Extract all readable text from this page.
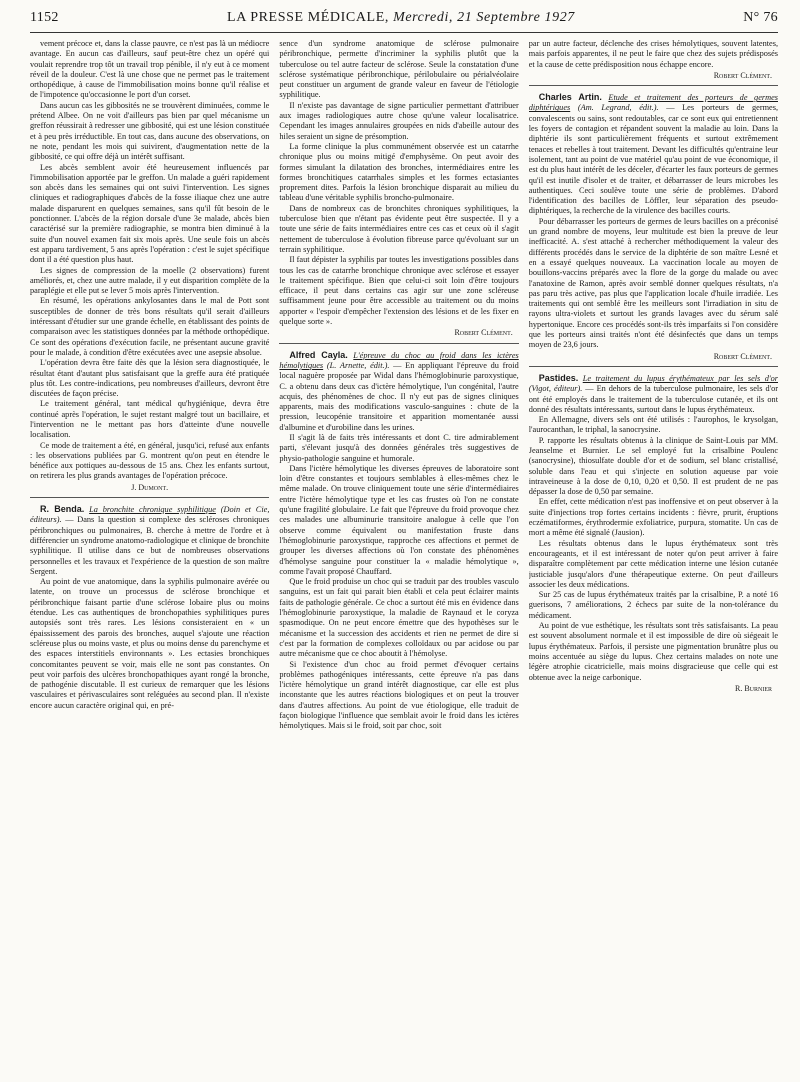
1152	LA PRESSE MÉDICALE, Mercredi, 21 Septembre 1927	N° 76

vement précoce et, dans la classe pauvre, ce n'est pas là un médiocre avantage. En aucun cas d'ailleurs, sauf peut-être chez un opéré qui voulait reprendre trop tôt un travail trop pénible, il n'y eut à ce moment réveil de la douleur. C'est là une chose que ne permet pas le traitement orthopédique, à cause de l'immobilisation moins bonne qu'il réalise et de l'impotence qu'occasionne le port d'un corset.

Dans aucun cas les gibbosités ne se trouvèrent diminuées, comme le prétend Albee. On ne voit d'ailleurs pas bien par quel mécanisme un greffon réussirait à redresser une gibbosité, qui est une lésion constituée et à peu près irréductible. En tout cas, dans aucune des observations, on ne note, pendant les mois qui suivirent, d'augmentation nette de la gibbosité, ce qui offre déjà un intérêt suffisant.

Les abcès semblent avoir été heureusement influencés par l'immobilisation apportée par le greffon. Un malade a guéri rapidement son abcès dans les semaines qui ont suivi l'intervention. Les signes cliniques et radiographiques d'abcès de la fosse iliaque chez une autre malade disparurent en quelques semaines, sans qu'il fût besoin de le ponctionner. L'abcès de la région dorsale d'une 3e malade, abcès bien caractérisé sur la première radiographie, se montra bien diminué à la suite d'un nouvel examen fait six mois après. Une seule fois un abcès est apparu tardivement, 5 ans après l'opération : c'est le sujet spécifique dont il a été question plus haut.

Les signes de compression de la moelle (2 observations) furent améliorés, et, chez une autre malade, il y eut disparition complète de la paraplégie et elle put se lever 5 mois après l'intervention.

En résumé, les opérations ankylosantes dans le mal de Pott sont susceptibles de donner de très bons résultats qu'il serait d'ailleurs intéressant d'étudier sur une grande échelle, en établissant des points de comparaison avec les statistiques données par la méthode orthopédique. Ce sont des opérations d'exécution facile, ne présentant aucune gravité pour le malade, à condition d'être exécutées avec une asepsie absolue.

L'opération devra être faite dès que la lésion sera diagnostiquée, le résultat étant d'autant plus satisfaisant que la greffe aura été pratiquée plus tôt. Les contre-indications, peu nombreuses d'ailleurs, devront être discutées de façon précise.

Le traitement général, tant médical qu'hygiénique, devra être continué après l'opération, le sujet restant malgré tout un bacillaire, et l'intervention ne le mettant pas hors d'atteinte d'une nouvelle localisation.

Ce mode de traitement a été, en général, jusqu'ici, refusé aux enfants : les observations publiées par G. montrent qu'on peut en étendre le bénéfice aux pottiques au-dessous de 15 ans. Chez les enfants surtout, on retirera les plus grands avantages de l'opération précoce.

J. Dumont.

R. Benda. La bronchite chronique syphilitique (Doin et Cie, éditeurs). — Dans la question si complexe des scléroses chroniques péribronchiques ou pulmonaires, B. cherche à mettre de l'ordre et à différencier un syndrome anatomo-radiologique et clinique de bronchite syphilitique. Il utilise dans ce but de nombreuses observations personnelles et les travaux et l'expérience de la question de son maître Sergent.

Au point de vue anatomique, dans la syphilis pulmonaire avérée ou latente, on trouve un processus de sclérose bronchique et péribronchique faisant partie d'une sclérose lobaire plus ou moins étendue. Les cas authentiques de bronchopathies syphilitiques pures autopsiés sont très rares. Les lésions consisteraient en « un épaississement des parois des bronches, auquel s'ajoute une réaction scléreuse plus ou moins vaste, et plus ou moins dense du parenchyme et des espaces interstitiels environnants ». Les ectasies bronchiques concomitantes peuvent se voir, mais elle ne sont pas constantes. On peut voir parfois des ulcères bronchopathiques ayant rongé la bronche, de pathogénie discutable. Il est curieux de remarquer que les lésions vasculaires et périvasculaires sont reléguées au second plan. Il n'existe encore aucun caractère original qui, en pré-

sence d'un syndrome anatomique de sclérose pulmonaire péribronchique, permette d'incriminer la syphilis plutôt que la tuberculose ou tel autre facteur de sclérose. Seule la constatation d'une sclérose systématique péribronchique, périlobulaire ou périalvéolaire peut constituer un argument de grande valeur en faveur de l'étiologie syphilitique.

Il n'existe pas davantage de signe particulier permettant d'attribuer aux images radiologiques autre chose qu'une valeur localisatrice. Cependant les images annulaires groupées en nids d'abeille autour des hiles seraient un signe de présomption.

La forme clinique la plus communément observée est un catarrhe chronique plus ou moins mitigé d'emphysème. On peut avoir des formes simulant la dilatation des bronches, intermédiaires entre les formes bronchitiques catarrhales simples et les formes ectasiantes proprement dites. Parfois la lésion bronchique disparait au milieu du tableau d'une véritable syphilis broncho-pulmonaire.

Dans de nombreux cas de bronchites chroniques syphilitiques, la tuberculose bien que n'étant pas évidente peut être suspectée. Il y a toute une série de faits intermédiaires entre ces cas et ceux où il s'agit nettement de tuberculose à évolution fibreuse parce qu'évoluant sur un terrain syphilitique.

Il faut dépister la syphilis par toutes les investigations possibles dans tous les cas de catarrhe bronchique chronique avec sclérose et essayer le traitement spécifique. Bien que celui-ci soit loin d'être toujours efficace, il peut dans certains cas agir sur une zone scléreuse suffisamment jeune pour être accessible au traitement ou du moins apporter « l'espoir d'empêcher l'extension des lésions et de les fixer en quelque sorte ».

Robert Clément.

Alfred Cayla. L'épreuve du choc au froid dans les ictères hémolytiques (L. Arnette, édit.). — En appliquant l'épreuve du froid local naguère proposée par Widal dans l'hémoglobinurie paroxystique, C. a obtenu dans deux cas d'ictère hémolytique, l'un congénital, l'autre acquis, des phénomènes de choc. Il n'y eut pas de signes cliniques apparents, mais des modifications vasculo-sanguines : chute de la pression, leucopénie transitoire et apparition momentanée aussi d'albumine et d'urobiline dans les urines.

Il s'agit là de faits très intéressants et dont C. tire admirablement parti, s'élevant jusqu'à des données générales très suggestives de physio-pathologie sanguine et humorale.

Dans l'ictère hémolytique les diverses épreuves de laboratoire sont loin d'être constantes et toujours semblables à elles-mêmes chez le même malade. On trouve cliniquement toute une série d'intermédiaires entre l'ictère hémolytique type et les cas frustes où l'on ne constate qu'une fragilité globulaire. Le fait que l'épreuve du froid provoque chez ces malades une albuminurie transitoire analogue à celle que l'on observe comme équivalent ou manifestation fruste dans l'hémoglobinurie paroxystique, rapproche ces affections et permet de grouper les diverses affections où l'on constate des phénomènes d'hémolyse sanguine pour constituer la « maladie hémolytique », comme l'avait proposé Chauffard.

Que le froid produise un choc qui se traduit par des troubles vasculo sanguins, est un fait qui parait bien établi et cela peut éclairer maints faits de pathologie générale. Ce choc a surtout été mis en évidence dans l'hémoglobinurie paroxystique, la maladie de Raynaud et le coryza spasmodique. On ne peut encore émettre que des hypothèses sur le mécanisme et la succession des accidents et rien ne permet de dire si c'est par la formation de complexes colloïdaux ou par acidose ou par autre mécanisme que ce choc aboutit à l'hémolyse.

Si l'existence d'un choc au froid permet d'évoquer certains problèmes pathogéniques intéressants, cette épreuve n'a pas dans l'ictère hémolytique un grand intérêt diagnostique, car elle est plus inconstante que les autres réactions biologiques et on peut la trouver dans d'autres affections. Au point de vue étiologique, elle traduit de façon biologique l'influence que semblait avoir le froid dans les ictères hémolytiques. Mais si le froid, soit par choc, soit

par un autre facteur, déclenche des crises hémolytiques, souvent latentes, mais parfois apparentes, il ne peut le faire que chez des sujets prédisposés et la cause de cette prédisposition nous échappe encore.

Robert Clément.

Charles Artin. Etude et traitement des porteurs de germes diphtériques (Am. Legrand, édit.). — Les porteurs de germes, convalescents ou sains, sont redoutables, car ce sont eux qui entretiennent les foyers de contagion et répandent souvent la maladie au loin. Dans la diphtérie ils sont particulièrement fréquents et surtout extrêmement tenaces et rebelles à tout traitement. Devant les difficultés qu'entraine leur isolement, tant au point de vue matériel qu'au point de vue économique, il est du plus haut intérêt de les déceler, d'écarter les faux porteurs de germes qu'il est inutile d'isoler et de traiter, et débarrasser de leurs microbes les authentiques. Ceci soulève toute une série de problèmes. D'abord l'identification des bacilles de Löffler, leur séparation des pseudo-diphtériques, la recherche de la virulence des bacilles courts.

Pour débarrasser les porteurs de germes de leurs bacilles on a préconisé un grand nombre de moyens, leur multitude est bien la preuve de leur inefficacité. A. s'est attaché à rechercher méthodiquement la valeur des différents procédés dans le service de la diphtérie de son maître Lesné et en a essayé quelques nouveaux. La vaccination locale au moyen de bouillons-vaccins préparés avec la flore de la gorge du malade ou avec l'anatoxine de Ramon, après avoir semblé donner quelques résultats, n'a pas paru très active, pas plus que l'application locale d'huile irradiée. Les traitements qui ont semblé être les meilleurs sont l'irradiation in situ de rayons ultra-violets et surtout les grands lavages avec du sérum salé hypertonique. Encore ces procédés sont-ils très imparfaits si l'on considère que les porteurs ainsi traités n'ont été désinfectés que dans un temps moyen de 23,6 jours.

Robert Clément.

Pastides. Le traitement du lupus érythémateux par les sels d'or (Vigot, éditeur). — En dehors de la tuberculose pulmonaire, les sels d'or ont été employés dans le traitement de la tuberculose cutanée, et ils ont donné des résultats intéressants, surtout dans le lupus érythémateux.

En Allemagne, divers sels ont été utilisés : l'aurophos, le krysolgan, l'aurocanthan, le triphal, la sanocrysine.

P. rapporte les résultats obtenus à la clinique de Saint-Louis par MM. Jeanselme et Burnier. Le sel employé fut la crisalbine Poulenc (sanocrysine), thiosulfate double d'or et de sodium, sel blanc cristallisé, soluble dans l'eau et qui s'injecte en solution aqueuse par voie intraveineuse à la dose de 0,10, 0,20 et 0,50. Il est prudent de ne pas dépasser la dose de 0,50 par semaine.

En effet, cette médication n'est pas inoffensive et on peut observer à la suite d'injections trop fortes certains incidents : fièvre, prurit, éruptions eczématiformes, érythrodermie exfoliatrice, purpura, stomatite. Un cas de mort a même été signalé (Jausion).

Les résultats obtenus dans le lupus érythémateux sont très encourageants, et il est intéressant de noter qu'on peut arriver à faire disparaître complètement par cette médication interne une lésion cutanée justiciable jusqu'alors d'une thérapeutique externe. On peut d'ailleurs associer les deux médications.

Sur 25 cas de lupus érythémateux traités par la crisalbine, P. a noté 16 guerisons, 7 améliorations, 2 échecs par suite de la non-tolérance du médicament.

Au point de vue esthétique, les résultats sont très satisfaisants. La peau est souvent absolument normale et il est impossible de dire où siégeait le lupus érythémateux. Parfois, il persiste une pigmentation brunâtre plus ou moins accentuée au siège du lupus. Chez certains malades on note une légère atrophie cicatricielle, mais moins disgracieuse que celle qui est obtenue avec la neige carbonique.

R. Burnier
